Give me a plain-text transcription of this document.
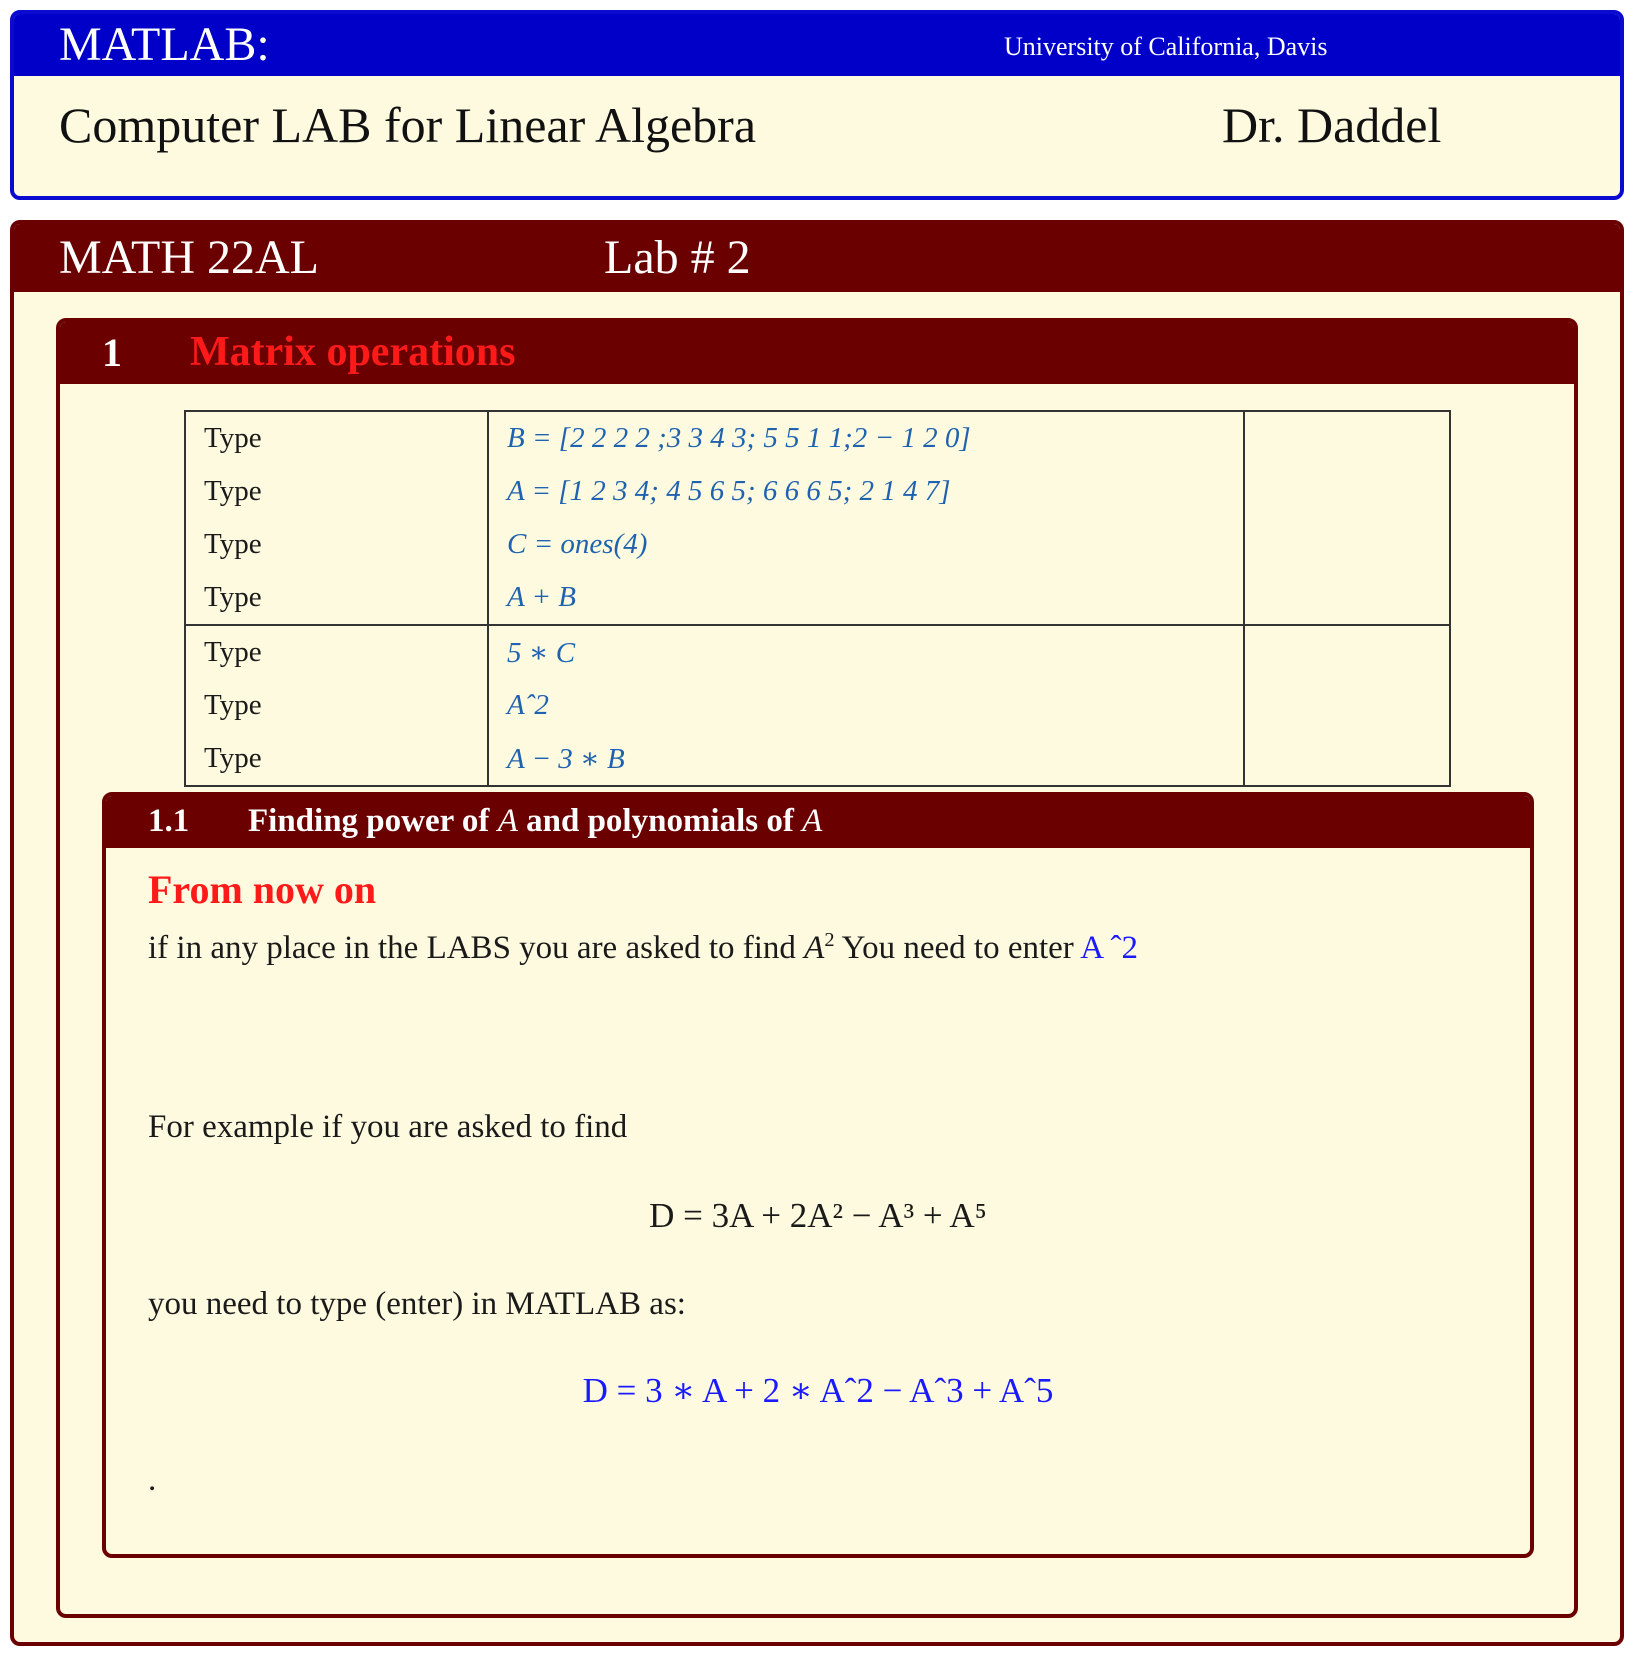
MATLAB:	University of California, Davis
Computer LAB for Linear Algebra	Dr. Daddel
MATH 22AL	Lab # 2
1 Matrix operations
Type	B = [2 2 2 2 ;3 3 4 3; 5 5 1 1;2 − 1 2 0]	
Type	A = [1 2 3 4; 4 5 6 5; 6 6 6 5; 2 1 4 7]	
Type	C = ones(4)	
Type	A + B	
Type	5 ∗ C	
Type	Aˆ2	
Type	A − 3 ∗ B	
1.1 Finding power of A and polynomials of A
From now on
if in any place in the LABS you are asked to find $A^2$ You need to enter A ˆ2
For example if you are asked to find
D = 3A + 2A² − A³ + A⁵
you need to type (enter) in MATLAB as:
D = 3 ∗ A + 2 ∗ Aˆ2 − Aˆ3 + Aˆ5
.
